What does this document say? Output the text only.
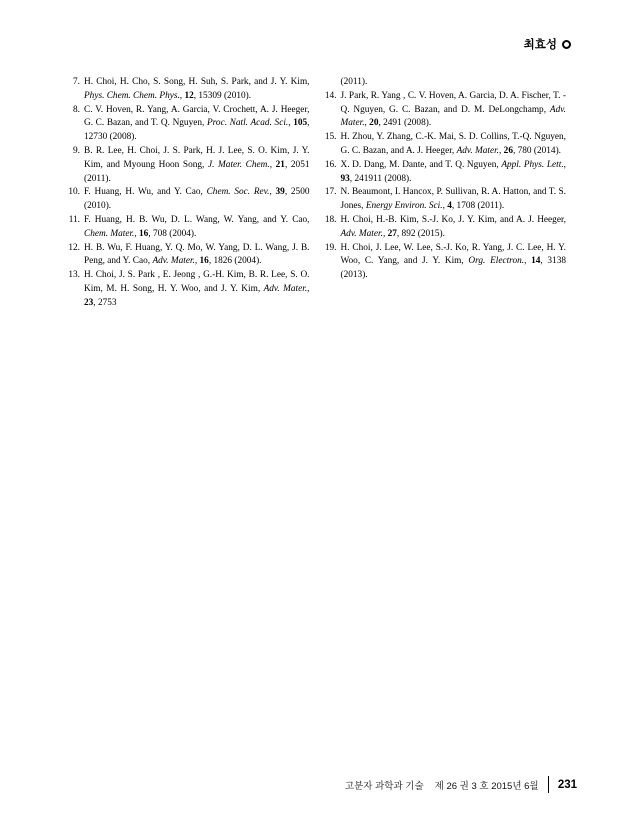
최효성
7. H. Choi, H. Cho, S. Song, H. Suh, S. Park, and J. Y. Kim, Phys. Chem. Chem. Phys., 12, 15309 (2010).
8. C. V. Hoven, R. Yang, A. Garcia, V. Crochett, A. J. Heeger, G. C. Bazan, and T. Q. Nguyen, Proc. Natl. Acad. Sci., 105, 12730 (2008).
9. B. R. Lee, H. Choi, J. S. Park, H. J. Lee, S. O. Kim, J. Y. Kim, and Myoung Hoon Song, J. Mater. Chem., 21, 2051 (2011).
10. F. Huang, H. Wu, and Y. Cao, Chem. Soc. Rev., 39, 2500 (2010).
11. F. Huang, H. B. Wu, D. L. Wang, W. Yang, and Y. Cao, Chem. Mater., 16, 708 (2004).
12. H. B. Wu, F. Huang, Y. Q. Mo, W. Yang, D. L. Wang, J. B. Peng, and Y. Cao, Adv. Mater., 16, 1826 (2004).
13. H. Choi, J. S. Park , E. Jeong , G.-H. Kim, B. R. Lee, S. O. Kim, M. H. Song, H. Y. Woo, and J. Y. Kim, Adv. Mater., 23, 2753
(2011).
14. J. Park, R. Yang , C. V. Hoven, A. Garcia, D. A. Fischer, T. -Q. Nguyen, G. C. Bazan, and D. M. DeLongchamp, Adv. Mater., 20, 2491 (2008).
15. H. Zhou, Y. Zhang, C.-K. Mai, S. D. Collins, T.-Q. Nguyen, G. C. Bazan, and A. J. Heeger, Adv. Mater., 26, 780 (2014).
16. X. D. Dang, M. Dante, and T. Q. Nguyen, Appl. Phys. Lett., 93, 241911 (2008).
17. N. Beaumont, I. Hancox, P. Sullivan, R. A. Hatton, and T. S. Jones, Energy Environ. Sci., 4, 1708 (2011).
18. H. Choi, H.-B. Kim, S.-J. Ko, J. Y. Kim, and A. J. Heeger, Adv. Mater., 27, 892 (2015).
19. H. Choi, J. Lee, W. Lee, S.-J. Ko, R. Yang, J. C. Lee, H. Y. Woo, C. Yang, and J. Y. Kim, Org. Electron., 14, 3138 (2013).
고분자 과학과 기술 제 26 권 3 호 2015년 6월 231
